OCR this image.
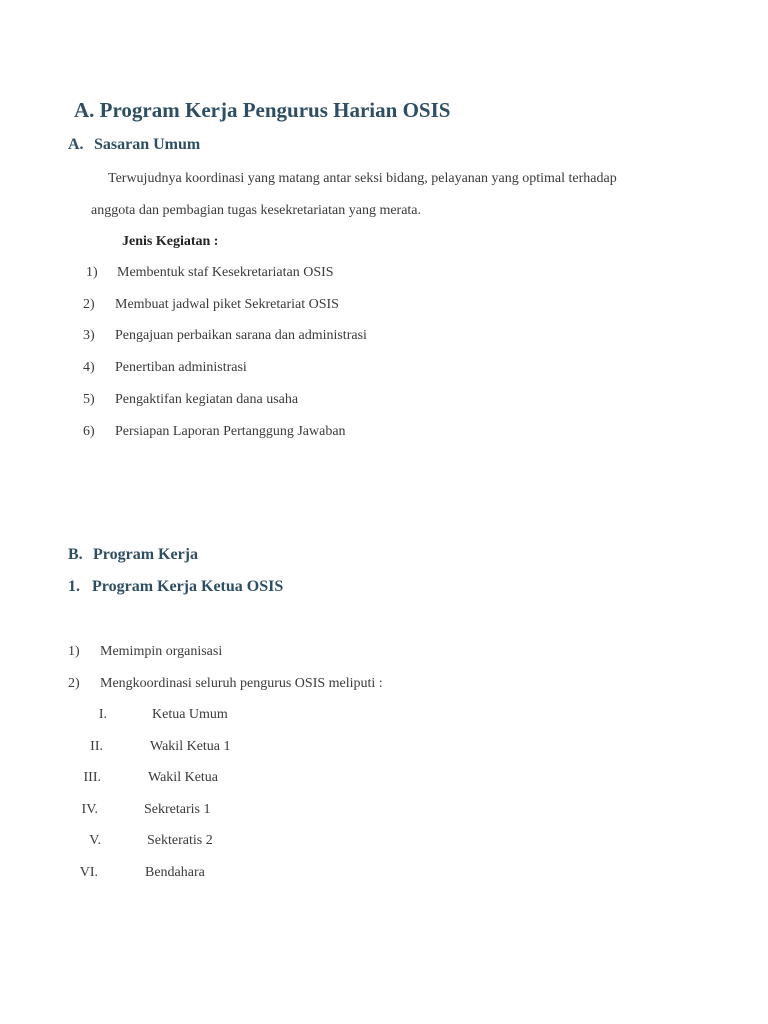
A. Program Kerja Pengurus Harian OSIS
A. Sasaran Umum
Terwujudnya koordinasi yang matang antar seksi bidang, pelayanan yang optimal terhadap
anggota dan pembagian tugas kesekretariatan yang merata.
Jenis Kegiatan :
1) Membentuk staf Kesekretariatan OSIS
2) Membuat jadwal piket Sekretariat OSIS
3) Pengajuan perbaikan sarana dan administrasi
4) Penertiban administrasi
5) Pengaktifan kegiatan dana usaha
6) Persiapan Laporan Pertanggung Jawaban
B. Program Kerja
1. Program Kerja Ketua OSIS
1) Memimpin organisasi
2) Mengkoordinasi seluruh pengurus OSIS meliputi :
I.	Ketua Umum
II.	Wakil Ketua 1
III.	Wakil Ketua
IV.	Sekretaris 1
V.	Sekteratis 2
VI.	Bendahara
